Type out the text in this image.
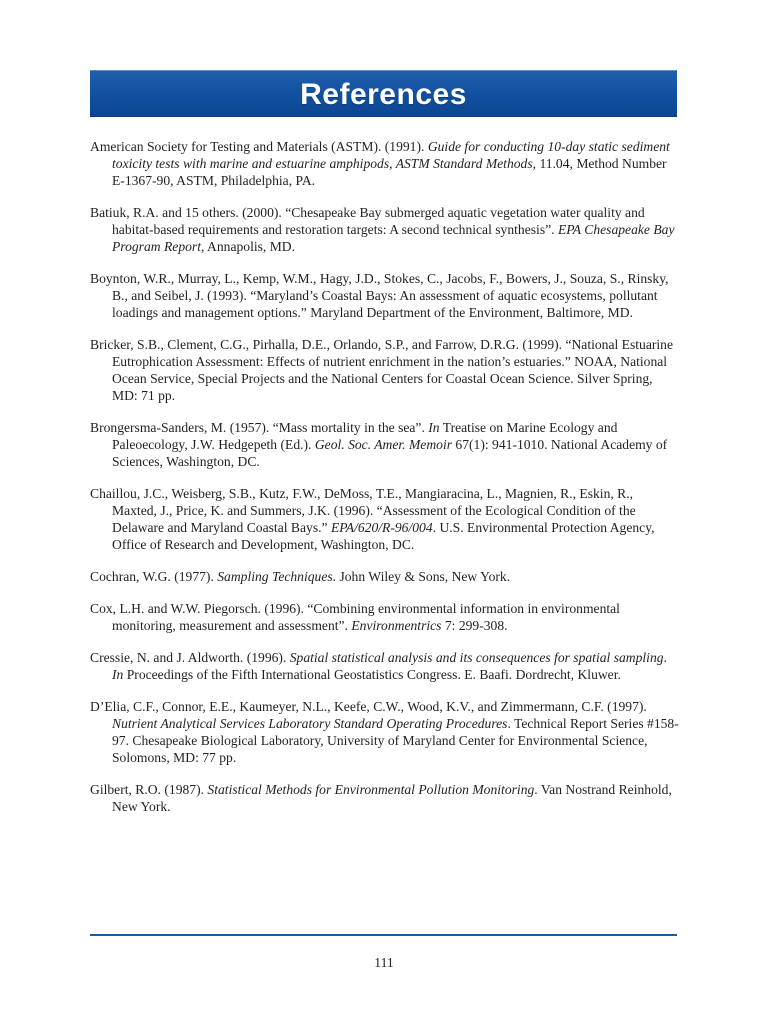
References

American Society for Testing and Materials (ASTM). (1991). Guide for conducting 10-day static sediment toxicity tests with marine and estuarine amphipods, ASTM Standard Methods, 11.04, Method Number E-1367-90, ASTM, Philadelphia, PA.

Batiuk, R.A. and 15 others. (2000). “Chesapeake Bay submerged aquatic vegetation water quality and habitat-based requirements and restoration targets: A second technical synthesis”. EPA Chesapeake Bay Program Report, Annapolis, MD.

Boynton, W.R., Murray, L., Kemp, W.M., Hagy, J.D., Stokes, C., Jacobs, F., Bowers, J., Souza, S., Rinsky, B., and Seibel, J. (1993). “Maryland’s Coastal Bays: An assessment of aquatic ecosystems, pollutant loadings and management options.” Maryland Department of the Environment, Baltimore, MD.

Bricker, S.B., Clement, C.G., Pirhalla, D.E., Orlando, S.P., and Farrow, D.R.G. (1999). “National Estuarine Eutrophication Assessment: Effects of nutrient enrichment in the nation’s estuaries.” NOAA, National Ocean Service, Special Projects and the National Centers for Coastal Ocean Science. Silver Spring, MD: 71 pp.

Brongersma-Sanders, M. (1957). “Mass mortality in the sea”. In Treatise on Marine Ecology and Paleoecology, J.W. Hedgepeth (Ed.). Geol. Soc. Amer. Memoir 67(1): 941-1010. National Academy of Sciences, Washington, DC.

Chaillou, J.C., Weisberg, S.B., Kutz, F.W., DeMoss, T.E., Mangiaracina, L., Magnien, R., Eskin, R., Maxted, J., Price, K. and Summers, J.K. (1996). “Assessment of the Ecological Condition of the Delaware and Maryland Coastal Bays.” EPA/620/R-96/004. U.S. Environmental Protection Agency, Office of Research and Development, Washington, DC.

Cochran, W.G. (1977). Sampling Techniques. John Wiley & Sons, New York.

Cox, L.H. and W.W. Piegorsch. (1996). “Combining environmental information in environmental monitoring, measurement and assessment”. Environmentrics 7: 299-308.

Cressie, N. and J. Aldworth. (1996). Spatial statistical analysis and its consequences for spatial sampling. In Proceedings of the Fifth International Geostatistics Congress. E. Baafi. Dordrecht, Kluwer.

D’Elia, C.F., Connor, E.E., Kaumeyer, N.L., Keefe, C.W., Wood, K.V., and Zimmermann, C.F. (1997). Nutrient Analytical Services Laboratory Standard Operating Procedures. Technical Report Series #158-97. Chesapeake Biological Laboratory, University of Maryland Center for Environmental Science, Solomons, MD: 77 pp.

Gilbert, R.O. (1987). Statistical Methods for Environmental Pollution Monitoring. Van Nostrand Reinhold, New York.

111
